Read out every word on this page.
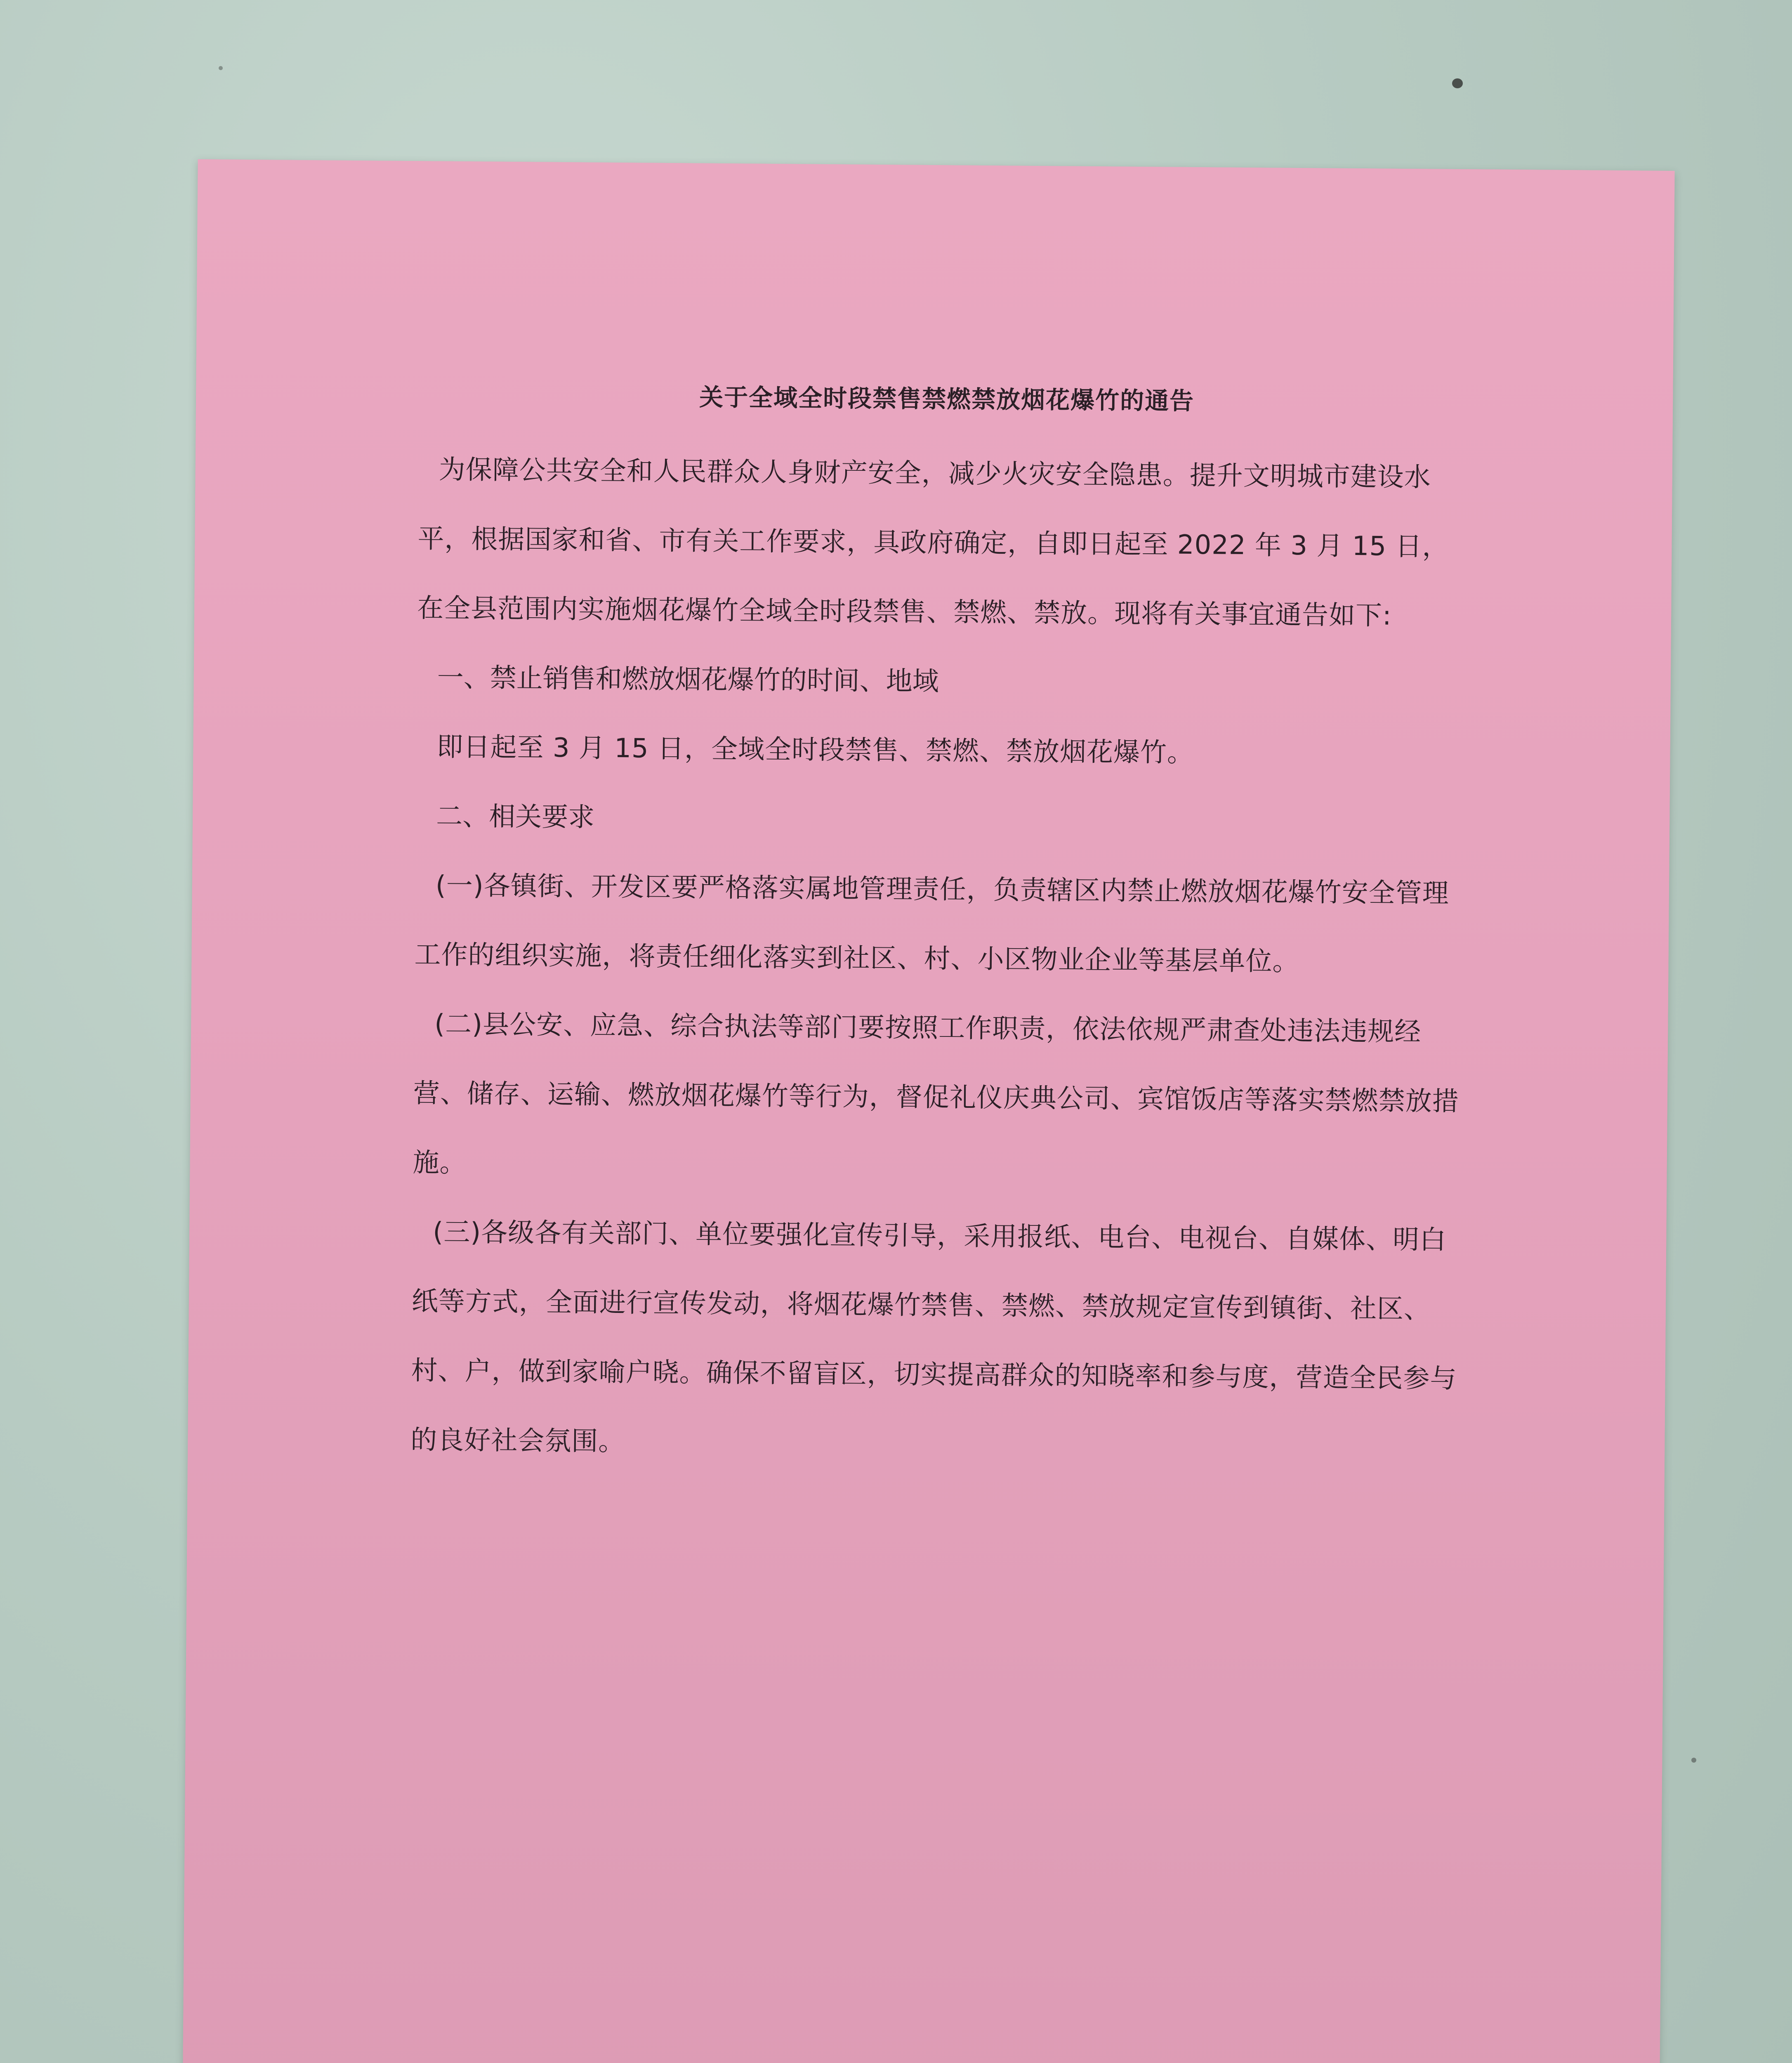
关于全域全时段禁售禁燃禁放烟花爆竹的通告

为保障公共安全和人民群众人身财产安全，减少火灾安全隐患。提升文明城市建设水平，根据国家和省、市有关工作要求，具政府确定，自即日起至 2022 年 3 月 15 日，在全县范围内实施烟花爆竹全域全时段禁售、禁燃、禁放。现将有关事宜通告如下:

一、禁止销售和燃放烟花爆竹的时间、地域

即日起至 3 月 15 日，全域全时段禁售、禁燃、禁放烟花爆竹。

二、相关要求

(一)各镇街、开发区要严格落实属地管理责任，负责辖区内禁止燃放烟花爆竹安全管理工作的组织实施，将责任细化落实到社区、村、小区物业企业等基层单位。

(二)县公安、应急、综合执法等部门要按照工作职责，依法依规严肃查处违法违规经营、储存、运输、燃放烟花爆竹等行为，督促礼仪庆典公司、宾馆饭店等落实禁燃禁放措施。

(三)各级各有关部门、单位要强化宣传引导，采用报纸、电台、电视台、自媒体、明白纸等方式，全面进行宣传发动，将烟花爆竹禁售、禁燃、禁放规定宣传到镇街、社区、村、户，做到家喻户晓。确保不留盲区，切实提高群众的知晓率和参与度，营造全民参与的良好社会氛围。
